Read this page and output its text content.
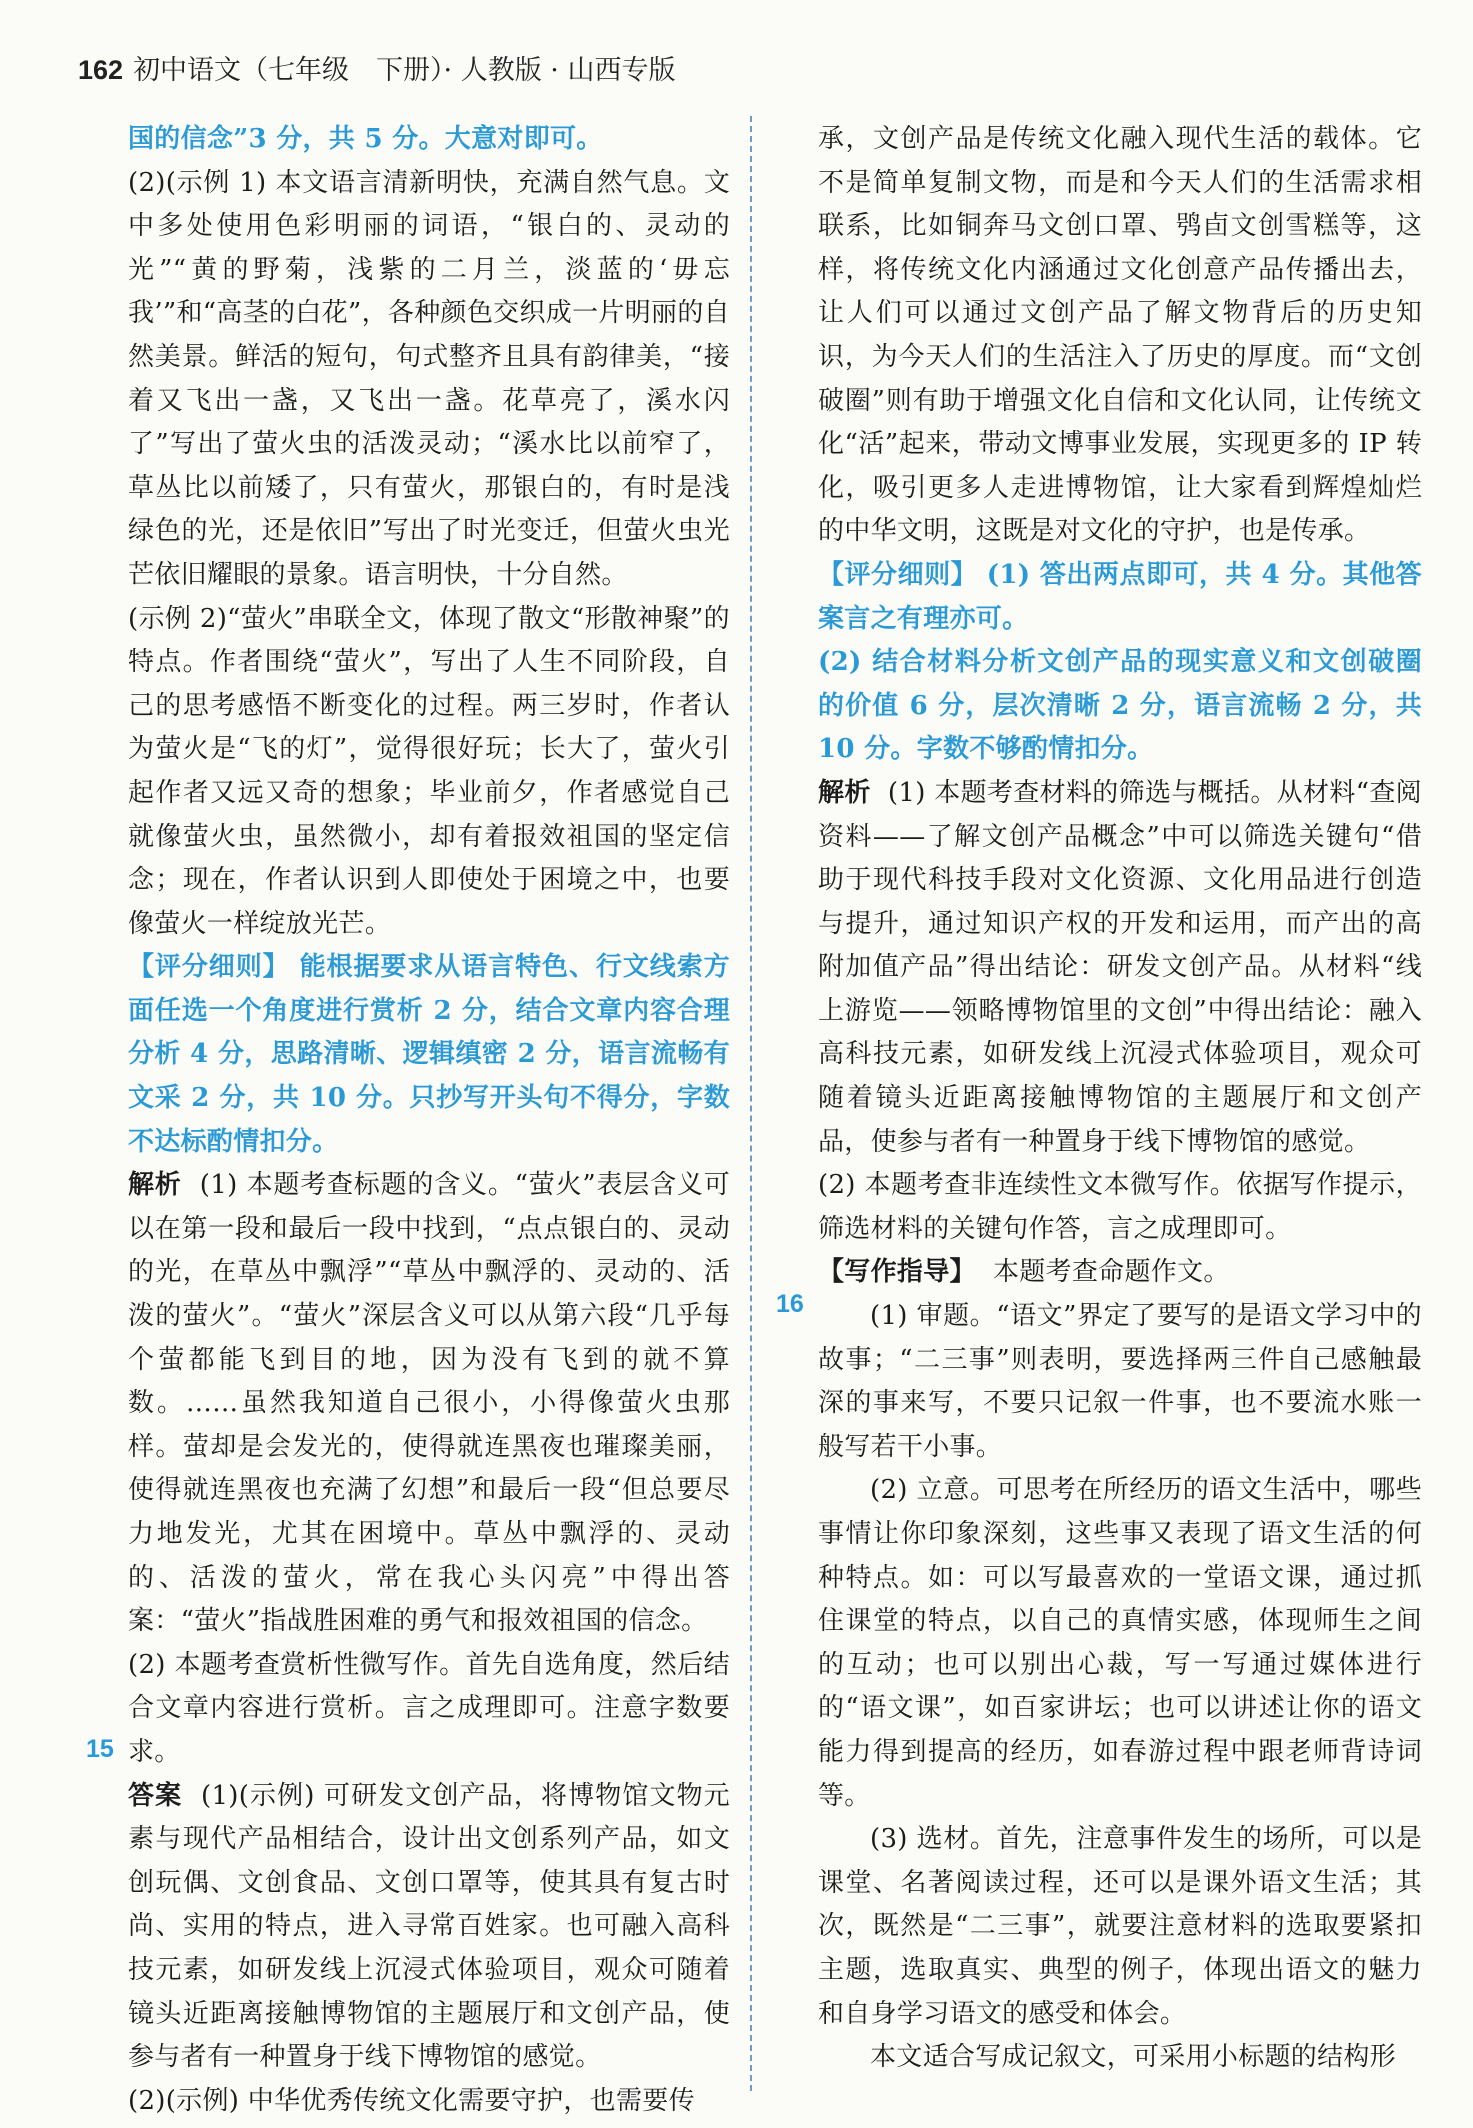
162 初中语文（七年级　下册）· 人教版 · 山西专版

国的信念”3 分，共 5 分。大意对即可。

(2)(示例 1) 本文语言清新明快，充满自然气息。文中多处使用色彩明丽的词语，“银白的、灵动的光”“黄的野菊，浅紫的二月兰，淡蓝的‘毋忘我’”和“高茎的白花”，各种颜色交织成一片明丽的自然美景。鲜活的短句，句式整齐且具有韵律美，“接着又飞出一盏，又飞出一盏。花草亮了，溪水闪了”写出了萤火虫的活泼灵动；“溪水比以前窄了，草丛比以前矮了，只有萤火，那银白的，有时是浅绿色的光，还是依旧”写出了时光变迁，但萤火虫光芒依旧耀眼的景象。语言明快，十分自然。

(示例 2)“萤火”串联全文，体现了散文“形散神聚”的特点。作者围绕“萤火”，写出了人生不同阶段，自己的思考感悟不断变化的过程。两三岁时，作者认为萤火是“飞的灯”，觉得很好玩；长大了，萤火引起作者又远又奇的想象；毕业前夕，作者感觉自己就像萤火虫，虽然微小，却有着报效祖国的坚定信念；现在，作者认识到人即使处于困境之中，也要像萤火一样绽放光芒。

【评分细则】 能根据要求从语言特色、行文线索方面任选一个角度进行赏析 2 分，结合文章内容合理分析 4 分，思路清晰、逻辑缜密 2 分，语言流畅有文采 2 分，共 10 分。只抄写开头句不得分，字数不达标酌情扣分。

解析 (1) 本题考查标题的含义。“萤火”表层含义可以在第一段和最后一段中找到，“点点银白的、灵动的光，在草丛中飘浮”“草丛中飘浮的、灵动的、活泼的萤火”。“萤火”深层含义可以从第六段“几乎每个萤都能飞到目的地，因为没有飞到的就不算数。……虽然我知道自己很小，小得像萤火虫那样。萤却是会发光的，使得就连黑夜也璀璨美丽，使得就连黑夜也充满了幻想”和最后一段“但总要尽力地发光，尤其在困境中。草丛中飘浮的、灵动的、活泼的萤火，常在我心头闪亮”中得出答案：“萤火”指战胜困难的勇气和报效祖国的信念。

(2) 本题考查赏析性微写作。首先自选角度，然后结合文章内容进行赏析。言之成理即可。注意字数要求。

答案 (1)(示例) 可研发文创产品，将博物馆文物元素与现代产品相结合，设计出文创系列产品，如文创玩偶、文创食品、文创口罩等，使其具有复古时尚、实用的特点，进入寻常百姓家。也可融入高科技元素，如研发线上沉浸式体验项目，观众可随着镜头近距离接触博物馆的主题展厅和文创产品，使参与者有一种置身于线下博物馆的感觉。

(2)(示例) 中华优秀传统文化需要守护，也需要传

15

承，文创产品是传统文化融入现代生活的载体。它不是简单复制文物，而是和今天人们的生活需求相联系，比如铜奔马文创口罩、鸮卣文创雪糕等，这样，将传统文化内涵通过文化创意产品传播出去，让人们可以通过文创产品了解文物背后的历史知识，为今天人们的生活注入了历史的厚度。而“文创破圈”则有助于增强文化自信和文化认同，让传统文化“活”起来，带动文博事业发展，实现更多的 IP 转化，吸引更多人走进博物馆，让大家看到辉煌灿烂的中华文明，这既是对文化的守护，也是传承。

【评分细则】 (1) 答出两点即可，共 4 分。其他答案言之有理亦可。

(2) 结合材料分析文创产品的现实意义和文创破圈的价值 6 分，层次清晰 2 分，语言流畅 2 分，共 10 分。字数不够酌情扣分。

解析 (1) 本题考查材料的筛选与概括。从材料“查阅资料——了解文创产品概念”中可以筛选关键句“借助于现代科技手段对文化资源、文化用品进行创造与提升，通过知识产权的开发和运用，而产出的高附加值产品”得出结论：研发文创产品。从材料“线上游览——领略博物馆里的文创”中得出结论：融入高科技元素，如研发线上沉浸式体验项目，观众可随着镜头近距离接触博物馆的主题展厅和文创产品，使参与者有一种置身于线下博物馆的感觉。

(2) 本题考查非连续性文本微写作。依据写作提示，筛选材料的关键句作答，言之成理即可。

【写作指导】 本题考查命题作文。

(1) 审题。“语文”界定了要写的是语文学习中的故事；“二三事”则表明，要选择两三件自己感触最深的事来写，不要只记叙一件事，也不要流水账一般写若干小事。

(2) 立意。可思考在所经历的语文生活中，哪些事情让你印象深刻，这些事又表现了语文生活的何种特点。如：可以写最喜欢的一堂语文课，通过抓住课堂的特点，以自己的真情实感，体现师生之间的互动；也可以别出心裁，写一写通过媒体进行的“语文课”，如百家讲坛；也可以讲述让你的语文能力得到提高的经历，如春游过程中跟老师背诗词等。

(3) 选材。首先，注意事件发生的场所，可以是课堂、名著阅读过程，还可以是课外语文生活；其次，既然是“二三事”，就要注意材料的选取要紧扣主题，选取真实、典型的例子，体现出语文的魅力和自身学习语文的感受和体会。

本文适合写成记叙文，可采用小标题的结构形

16
